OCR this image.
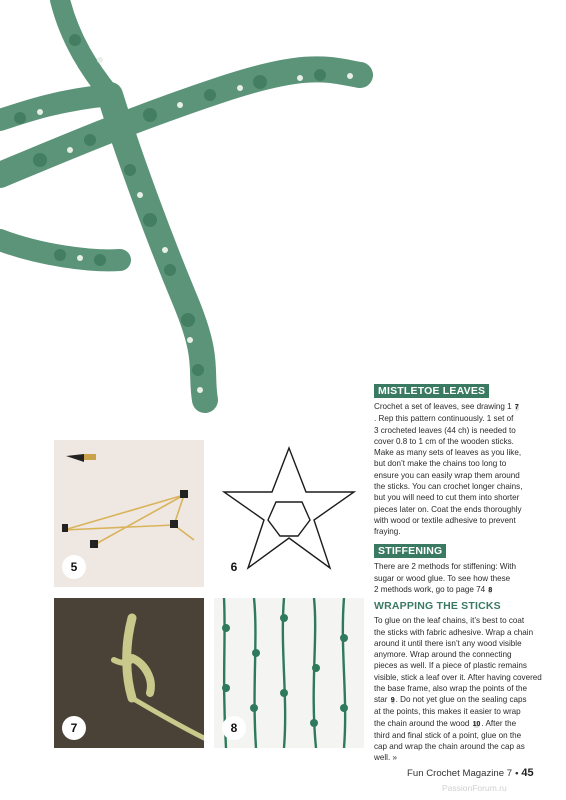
5	6
7	8
MISTLETOE LEAVES
Crochet a set of leaves, see drawing 1 7
. Rep this pattern continuously. 1 set of
3 crocheted leaves (44 ch) is needed to
cover 0.8 to 1 cm of the wooden sticks.
Make as many sets of leaves as you like,
but don’t make the chains too long to
ensure you can easily wrap them around
the sticks. You can crochet longer chains,
but you will need to cut them into shorter
pieces later on. Coat the ends thoroughly
with wood or textile adhesive to prevent
fraying.
STIFFENING
There are 2 methods for stiffening: With
sugar or wood glue. To see how these
2 methods work, go to page 74 8
WRAPPING THE STICKS
To glue on the leaf chains, it’s best to coat
the sticks with fabric adhesive. Wrap a chain
around it until there isn’t any wood visible
anymore. Wrap around the connecting
pieces as well. If a piece of plastic remains
visible, stick a leaf over it. After having covered
the base frame, also wrap the points of the
star 9. Do not yet glue on the sealing caps
at the points, this makes it easier to wrap
the chain around the wood 10. After the
third and final stick of a point, glue on the
cap and wrap the chain around the cap as well. »
Fun Crochet Magazine 7 • 45
PassionForum.ru
